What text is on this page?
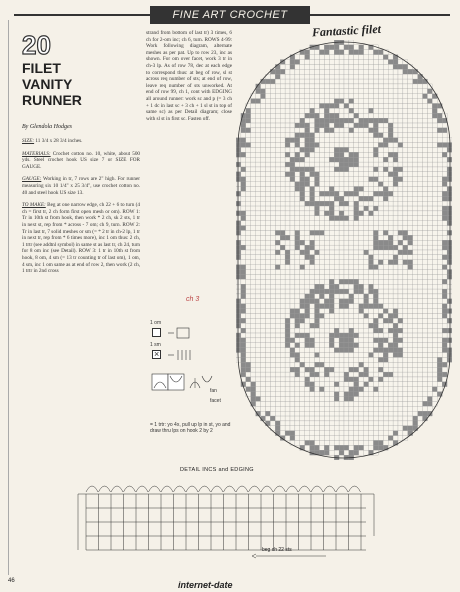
FINE ART CROCHET
Fantastic filet
20
FILET
VANITY
RUNNER
By Glendola Hodges

SIZE: 11 3/4 x 28 3/4 inches.

MATERIALS: Crochet cotton no. 10, white, about 500 yds. Steel crochet hook US size 7 or SIZE FOR GAUGE.

GAUGE: Working in tr, 7 rows are 2" high. For runner measuring six 10 1/4" x 25 3/4", use crochet cotton no. 40 and steel hook US size 13.

TO MAKE: Beg at one narrow edge, ch 22 + 6 to turn (4 ch = first tr, 2 ch form first open mesh or om). ROW 1: Tr in 10th st from hook, then work * 2 ch, sk 2 sts, 1 tr in next st, rep from * across - 7 om; ch 9, turn. ROW 2: Tr in last tr, 7 solid meshes or sm (= * 2 tr in ch-2 lp, 1 tr in next tr, rep from * 6 times more), inc 1 om thus: 2 ch, 1 trtr (see addtnl symbol) in same st as last tr, ch 24, turn for 8 om inc (see Detail). ROW 3: 1 tr in 10th st from hook, 8 om, 4 sm (= 13 tr counting tr of last om), 1 om, 4 sm, inc 1 om same as at end of row 2, then work (2 ch, 1 trtr in 2nd cross

strand from bottom of last tr) 3 times, 6 ch for 2-om inc; ch 6, turn. ROWS 4-99: Work following diagram, alternate meshes as per pat. Up to row 23, inc as shown. For om over facet, work 3 tr in ch-3 lp. As of row 78, dec at each edge to correspond thus: at beg of row, sl st across req number of sts; at end of row, leave req number of sts unworked. At end of row 99, ch 1, cont with EDGING all around runner: work sc and p (= 3 ch + 1 dc in last sc + 3 ch + 1 sl st in top of same sc) as per Detail diagram; close with sl st in first sc. Fasten off.

1 om
1 sm
×
fan
facet
= 1 trtr: yo 4x, pull up lp in st, yo and draw thru lps on hook 2 by 2
ch 3
DETAIL INCS and EDGING
beg ch 22 sts
46	internet-date
